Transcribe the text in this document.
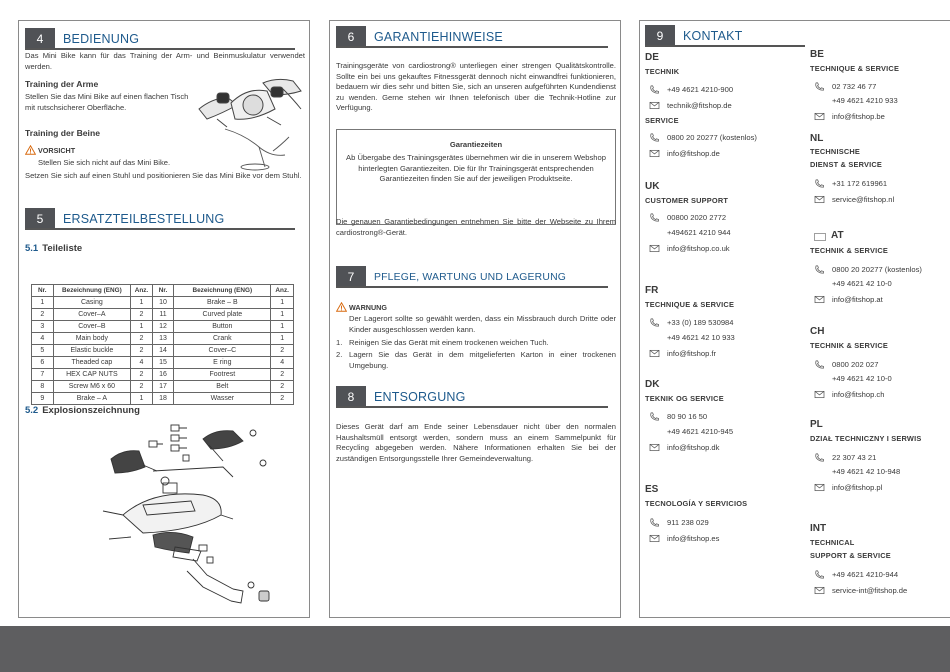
4	BEDIENUNG
Das Mini Bike kann für das Training der Arm- und Beinmuskulatur verwendet werden.
Training der Arme
Stellen Sie das Mini Bike auf einen flachen Tisch mit rutschsicherer Oberfläche.
Training der Beine
VORSICHT
Stellen Sie sich nicht auf das Mini Bike.
Setzen Sie sich auf einen Stuhl und positionieren Sie das Mini Bike vor dem Stuhl.
5	ERSATZTEILBESTELLUNG
5.1 Teileliste
Nr.	Bezeichnung (ENG)	Anz.	Nr.	Bezeichnung (ENG)	Anz.
1	Casing	1	10	Brake – B	1
2	Cover–A	2	11	Curved plate	1
3	Cover–B	1	12	Button	1
4	Main body	2	13	Crank	1
5	Elastic buckle	2	14	Cover–C	2
6	Theaded cap	4	15	E ring	4
7	HEX CAP NUTS	2	16	Footrest	2
8	Screw M6 x 60	2	17	Belt	2
9	Brake – A	1	18	Wasser	2
5.2 Explosionszeichnung
6	GARANTIEHINWEISE
Trainingsgeräte von cardiostrong® unterliegen einer strengen Qualitätskontrolle. Sollte ein bei uns gekauftes Fitnessgerät dennoch nicht einwandfrei funktionieren, bedauern wir dies sehr und bitten Sie, sich an unseren aufgeführten Kundendienst zu wenden. Gerne stehen wir Ihnen telefonisch über die Technik-Hotline zur Verfügung.
Garantiezeiten
Ab Übergabe des Trainingsgerätes übernehmen wir die in unserem Webshop hinterlegten Garantiezeiten. Die für Ihr Trainingsgerät entsprechenden Garantiezeiten finden Sie auf der jeweiligen Produktseite.
Die genauen Garantiebedingungen entnehmen Sie bitte der Webseite zu Ihrem cardiostrong®-Gerät.
7	PFLEGE, WARTUNG UND LAGERUNG
WARNUNG
Der Lagerort sollte so gewählt werden, dass ein Missbrauch durch Dritte oder Kinder ausgeschlossen werden kann.
1. Reinigen Sie das Gerät mit einem trockenen weichen Tuch.
2. Lagern Sie das Gerät in dem mitgelieferten Karton in einer trockenen Umgebung.
8	ENTSORGUNG
Dieses Gerät darf am Ende seiner Lebensdauer nicht über den normalen Haushaltsmüll entsorgt werden, sondern muss an einem Sammelpunkt für Recycling abgegeben werden. Nähere Informationen erhalten Sie bei der zuständigen Entsorgungsstelle Ihrer Gemeindeverwaltung.
9	KONTAKT
DE
TECHNIK
+49 4621 4210-900
technik@fitshop.de
SERVICE
0800 20 20277 (kostenlos)
info@fitshop.de
UK
CUSTOMER SUPPORT
00800 2020 2772
+494621 4210 944
info@fitshop.co.uk
FR
TECHNIQUE & SERVICE
+33 (0) 189 530984
+49 4621 42 10 933
info@fitshop.fr
DK
TEKNIK OG SERVICE
80 90 16 50
+49 4621 4210-945
info@fitshop.dk
ES
TECNOLOGÍA Y SERVICIOS
911 238 029
info@fitshop.es
BE
TECHNIQUE & SERVICE
02 732 46 77
+49 4621 4210 933
info@fitshop.be
NL
TECHNISCHE
DIENST & SERVICE
+31 172 619961
service@fitshop.nl
AT
TECHNIK & SERVICE
0800 20 20277 (kostenlos)
+49 4621 42 10-0
info@fitshop.at
CH
TECHNIK & SERVICE
0800 202 027
+49 4621 42 10-0
info@fitshop.ch
PL
DZIAŁ TECHNICZNY I SERWIS
22 307 43 21
+49 4621 42 10-948
info@fitshop.pl
INT
TECHNICAL
SUPPORT & SERVICE
+49 4621 4210-944
service-int@fitshop.de
